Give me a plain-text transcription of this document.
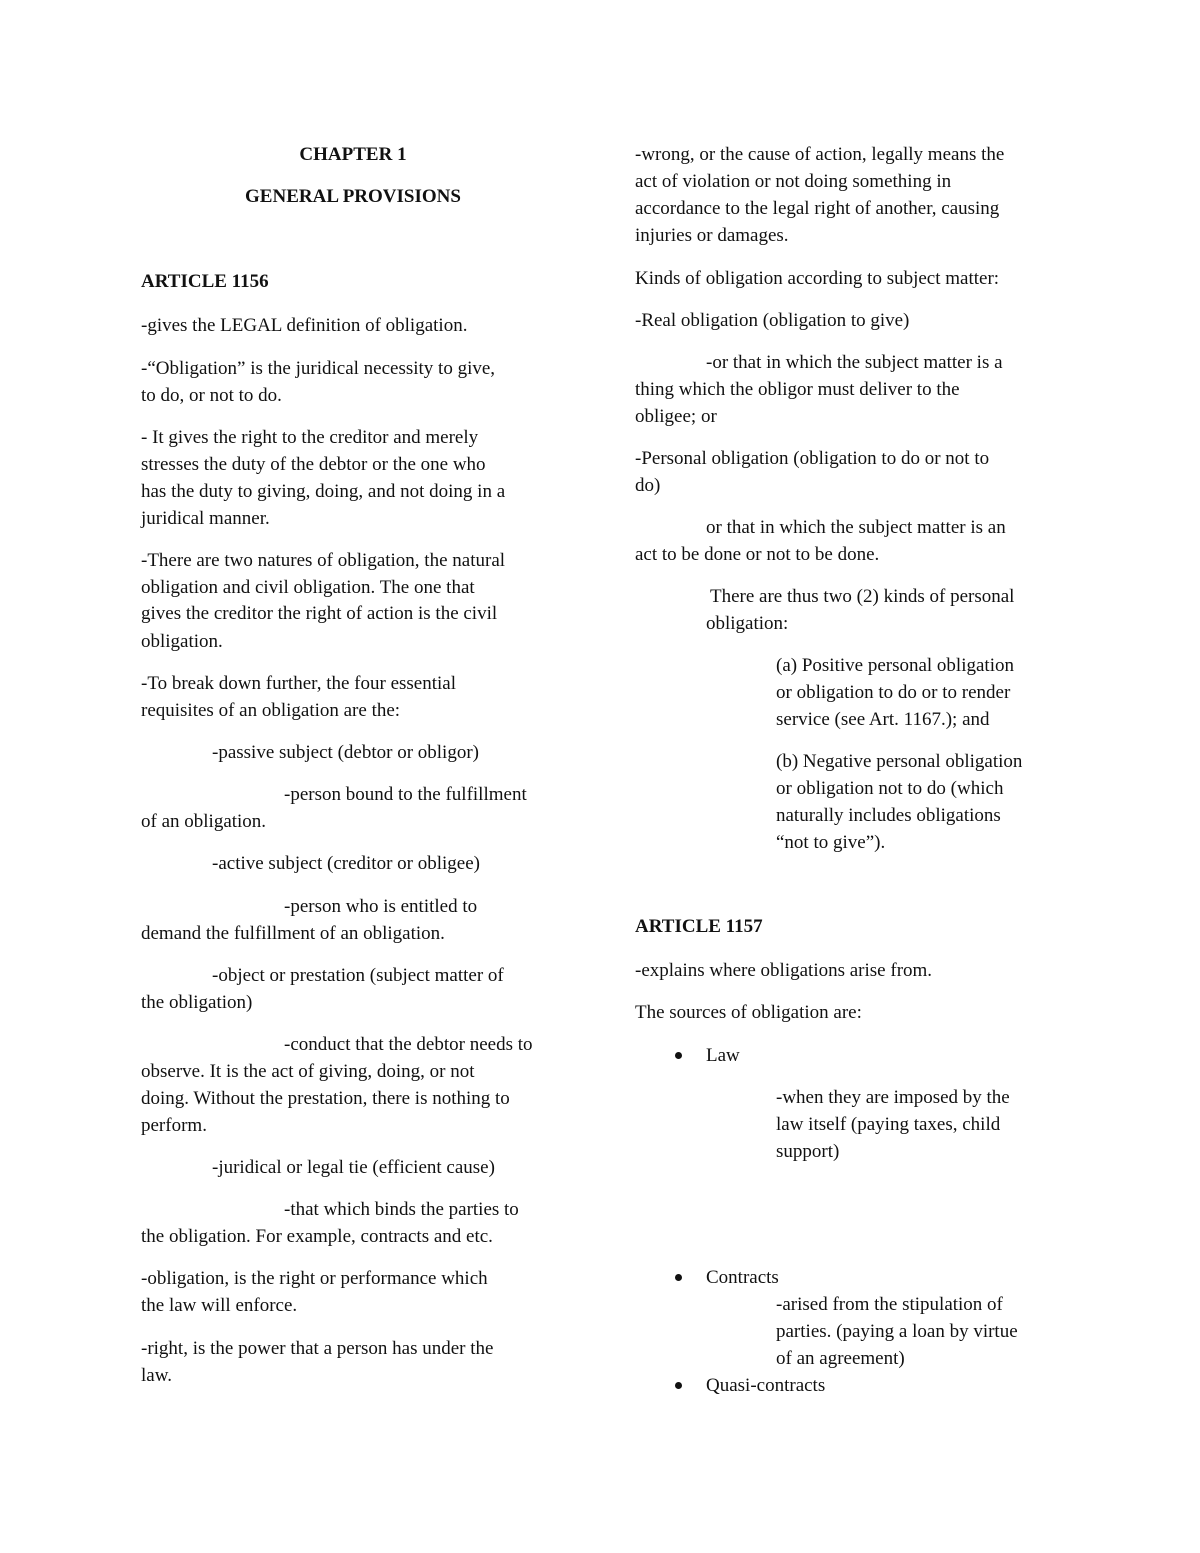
CHAPTER 1

GENERAL PROVISIONS

ARTICLE 1156

-gives the LEGAL definition of obligation.

-“Obligation” is the juridical necessity to give,

to do, or not to do.

- It gives the right to the creditor and merely

stresses the duty of the debtor or the one who

has the duty to giving, doing, and not doing in a

juridical manner.

-There are two natures of obligation, the natural

obligation and civil obligation. The one that

gives the creditor the right of action is the civil

obligation.

-To break down further, the four essential

requisites of an obligation are the:

-passive subject (debtor or obligor)

-person bound to the fulfillment

of an obligation.

-active subject (creditor or obligee)

-person who is entitled to

demand the fulfillment of an obligation.

-object or prestation (subject matter of

the obligation)

-conduct that the debtor needs to

observe. It is the act of giving, doing, or not

doing. Without the prestation, there is nothing to

perform.

-juridical or legal tie (efficient cause)

-that which binds the parties to

the obligation. For example, contracts and etc.

-obligation, is the right or performance which

the law will enforce.

-right, is the power that a person has under the

law.

-wrong, or the cause of action, legally means the

act of violation or not doing something in

accordance to the legal right of another, causing

injuries or damages.

Kinds of obligation according to subject matter:

-Real obligation (obligation to give)

-or that in which the subject matter is a

thing which the obligor must deliver to the

obligee; or

-Personal obligation (obligation to do or not to

do)

or that in which the subject matter is an

act to be done or not to be done.

There are thus two (2) kinds of personal

obligation:

(a) Positive personal obligation

or obligation to do or to render

service (see Art. 1167.); and

(b) Negative personal obligation

or obligation not to do (which

naturally includes obligations

“not to give”).

ARTICLE 1157

-explains where obligations arise from.

The sources of obligation are:

Law

-when they are imposed by the

law itself (paying taxes, child

support)

Contracts

-arised from the stipulation of

parties. (paying a loan by virtue

of an agreement)

Quasi-contracts
